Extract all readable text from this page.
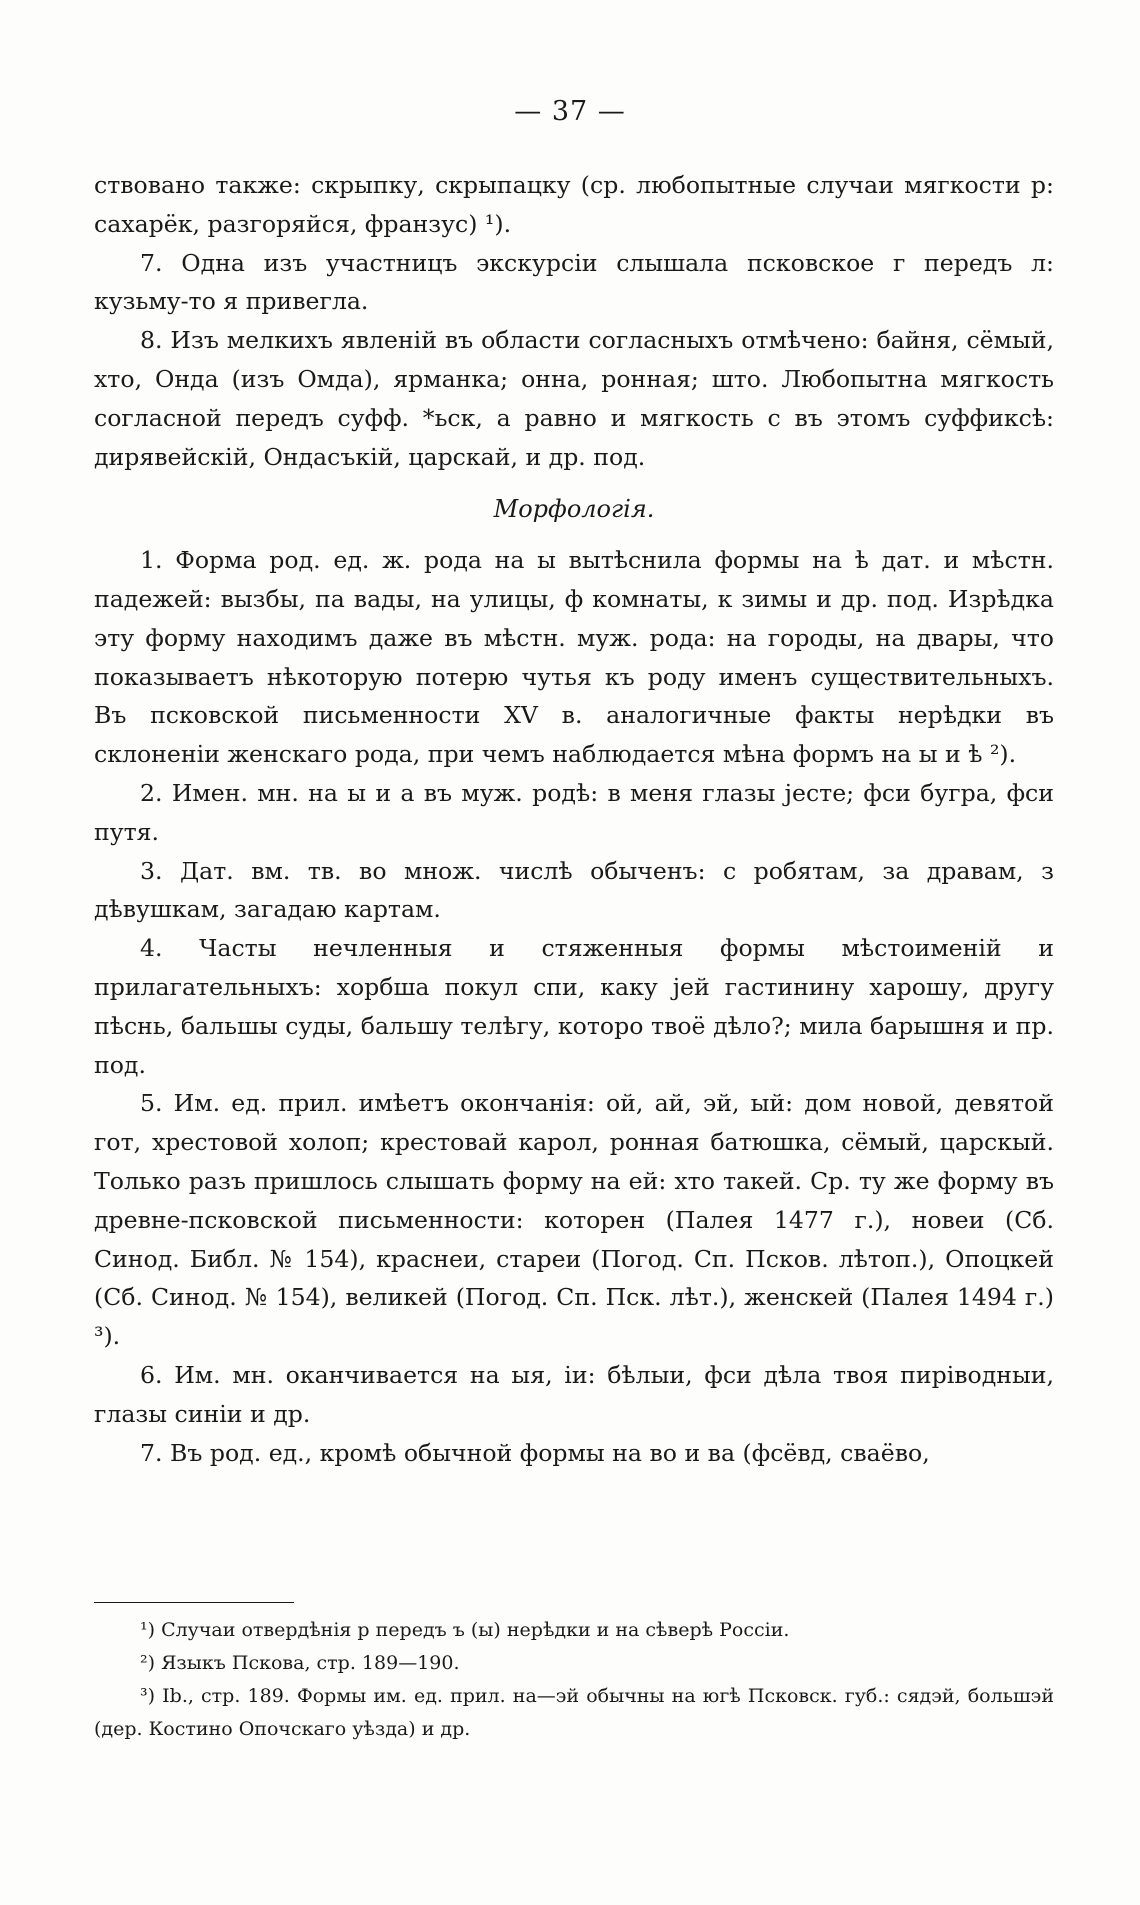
— 37 —

ствовано также: скрыпку, скрыпацку (ср. любопытные случаи мягкости р: сахарёк, разгоряйся, франзус) ¹).

7. Одна изъ участницъ экскурсіи слышала псковское г передъ л: кузьму-то я привегла.

8. Изъ мелкихъ явленій въ области согласныхъ отмѣчено: байня, сёмый, хто, Онда (изъ Омда), ярманка; онна, ронная; што. Любопытна мягкость согласной передъ суфф. *ьск, а равно и мягкость с въ этомъ суффиксѣ: дирявейскій, Ондасъкій, царскай, и др. под.

Морфологія.

1. Форма род. ед. ж. рода на ы вытѣснила формы на ѣ дат. и мѣстн. падежей: вызбы, па вады, на улицы, ф комнаты, к зимы и др. под. Изрѣдка эту форму находимъ даже въ мѣстн. муж. рода: на городы, на двары, что показываетъ нѣкоторую потерю чутья къ роду именъ существительныхъ. Въ псковской письменности XV в. аналогичные факты нерѣдки въ склоненіи женскаго рода, при чемъ наблюдается мѣна формъ на ы и ѣ ²).

2. Имен. мн. на ы и а въ муж. родѣ: в меня глазы јесте; фси бугра, фси путя.

3. Дат. вм. тв. во множ. числѣ обыченъ: с робятам, за дравам, з дѣвушкам, загадаю картам.

4. Часты нечленныя и стяженныя формы мѣстоименій и прилагательныхъ: хорбша покул спи, каку јей гастинину харошу, другу пѣснь, бальшы суды, бальшу телѣгу, которо твоё дѣло?; мила барышня и пр. под.

5. Им. ед. прил. имѣетъ окончанія: ой, ай, эй, ый: дом новой, девятой гот, хрестовой холоп; крестовай карол, ронная батюшка, сёмый, царскый. Только разъ пришлось слышать форму на ей: хто такей. Ср. ту же форму въ древне-псковской письменности: которен (Палея 1477 г.), новеи (Сб. Синод. Библ. № 154), краснеи, стареи (Погод. Сп. Псков. лѣтоп.), Опоцкей (Сб. Синод. № 154), великей (Погод. Сп. Пск. лѣт.), женскей (Палея 1494 г.) ³).

6. Им. мн. оканчивается на ыя, іи: бѣлыи, фси дѣла твоя пиріводныи, глазы синіи и др.

7. Въ род. ед., кромѣ обычной формы на во и ва (фсёвд, сваёво,

¹) Случаи отвердѣнія р передъ ъ (ы) нерѣдки и на сѣверѣ Россіи.

²) Языкъ Пскова, стр. 189—190.

³) Ib., стр. 189. Формы им. ед. прил. на—эй обычны на югѣ Псковск. губ.: сядэй, большэй (дер. Костино Опочскаго уѣзда) и др.
